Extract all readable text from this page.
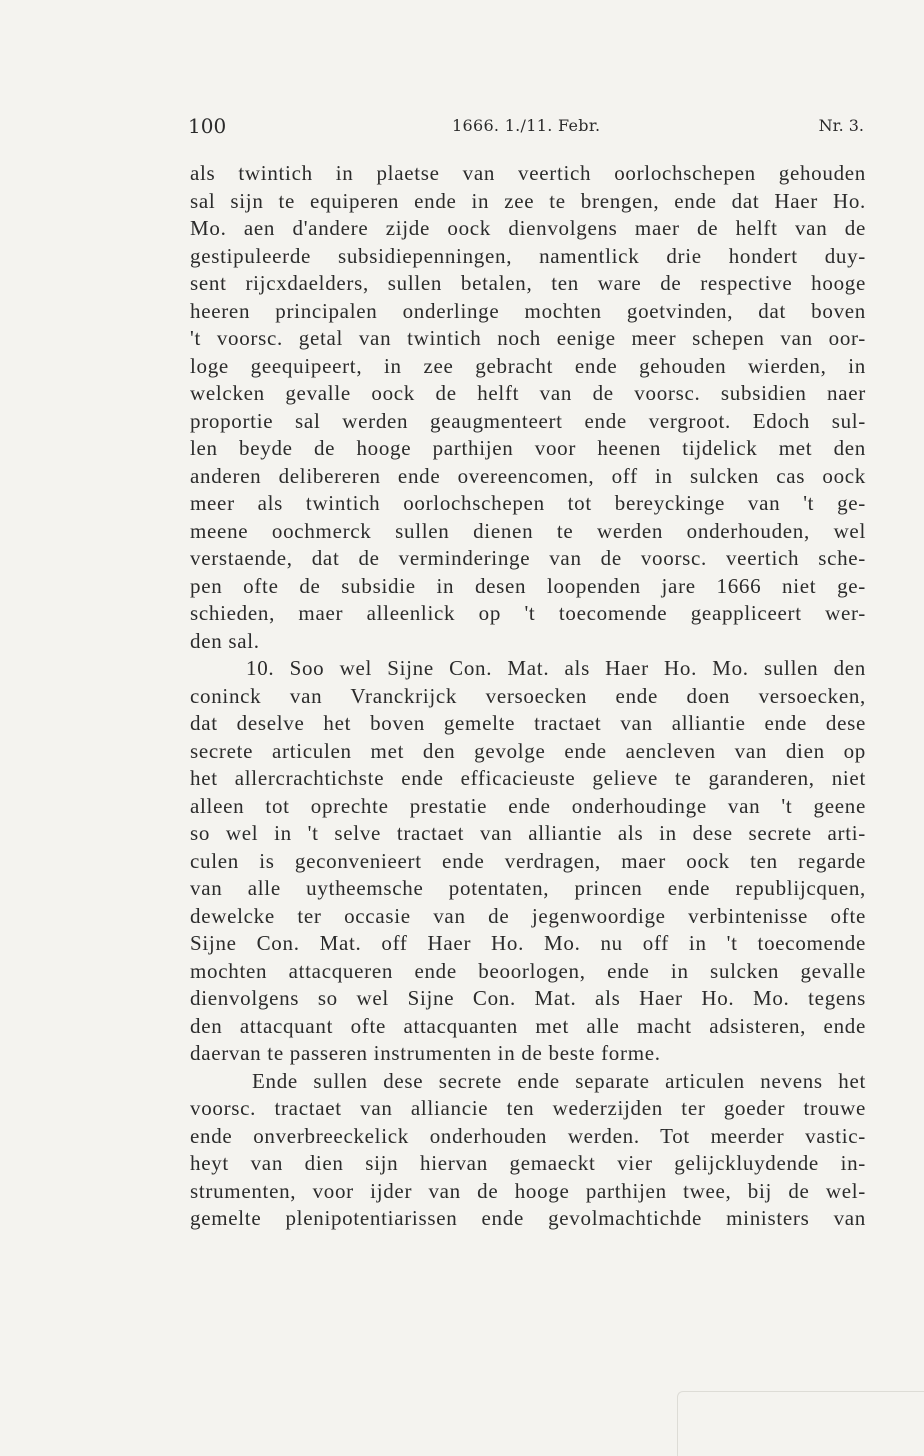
100	1666. 1./11. Febr.	Nr. 3.
als twintich in plaetse van veertich oorlochschepen gehouden
sal sijn te equiperen ende in zee te brengen, ende dat Haer Ho.
Mo. aen d'andere zijde oock dienvolgens maer de helft van de
gestipuleerde subsidiepenningen, namentlick drie hondert duy-
sent rijcxdaelders, sullen betalen, ten ware de respective hooge
heeren principalen onderlinge mochten goetvinden, dat boven
't voorsc. getal van twintich noch eenige meer schepen van oor-
loge geequipeert, in zee gebracht ende gehouden wierden, in
welcken gevalle oock de helft van de voorsc. subsidien naer
proportie sal werden geaugmenteert ende vergroot. Edoch sul-
len beyde de hooge parthijen voor heenen tijdelick met den
anderen delibereren ende overeencomen, off in sulcken cas oock
meer als twintich oorlochschepen tot bereyckinge van 't ge-
meene oochmerck sullen dienen te werden onderhouden, wel
verstaende, dat de verminderinge van de voorsc. veertich sche-
pen ofte de subsidie in desen loopenden jare 1666 niet ge-
schieden, maer alleenlick op 't toecomende geappliceert wer-
den sal.
10. Soo wel Sijne Con. Mat. als Haer Ho. Mo. sullen den
coninck van Vranckrijck versoecken ende doen versoecken,
dat deselve het boven gemelte tractaet van alliantie ende dese
secrete articulen met den gevolge ende aencleven van dien op
het allercrachtichste ende efficacieuste gelieve te garanderen, niet
alleen tot oprechte prestatie ende onderhoudinge van 't geene
so wel in 't selve tractaet van alliantie als in dese secrete arti-
culen is geconvenieert ende verdragen, maer oock ten regarde
van alle uytheemsche potentaten, princen ende republijcquen,
dewelcke ter occasie van de jegenwoordige verbintenisse ofte
Sijne Con. Mat. off Haer Ho. Mo. nu off in 't toecomende
mochten attacqueren ende beoorlogen, ende in sulcken gevalle
dienvolgens so wel Sijne Con. Mat. als Haer Ho. Mo. tegens
den attacquant ofte attacquanten met alle macht adsisteren, ende
daervan te passeren instrumenten in de beste forme.
Ende sullen dese secrete ende separate articulen nevens het
voorsc. tractaet van alliancie ten wederzijden ter goeder trouwe
ende onverbreeckelick onderhouden werden. Tot meerder vastic-
heyt van dien sijn hiervan gemaeckt vier gelijckluydende in-
strumenten, voor ijder van de hooge parthijen twee, bij de wel-
gemelte plenipotentiarissen ende gevolmachtichde ministers van
